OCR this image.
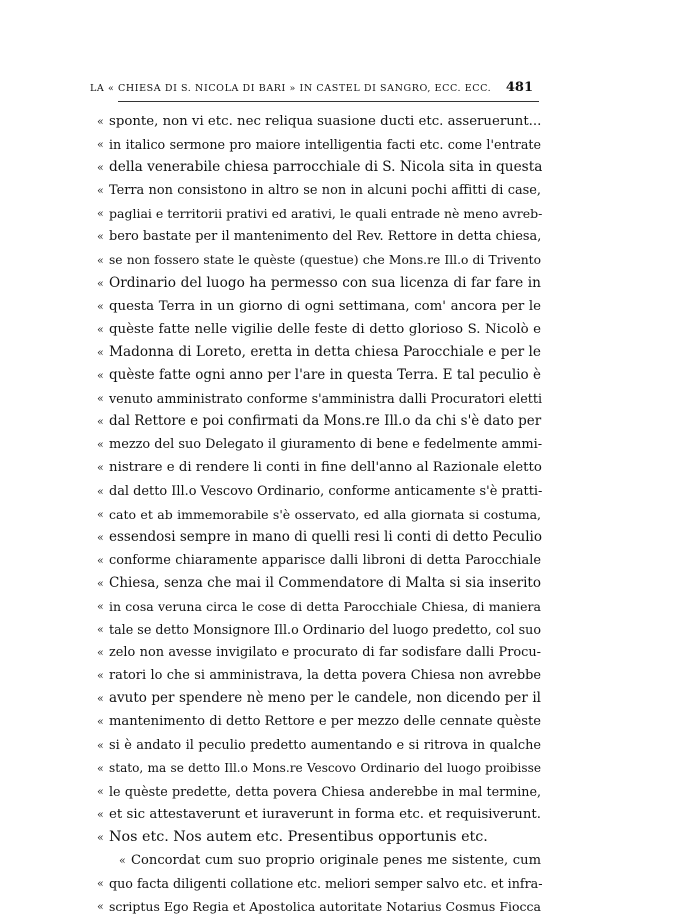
LA « CHIESA DI S. NICOLA DI BARI » IN CASTEL DI SANGRO, ECC. ECC. 481
« sponte, non vi etc. nec reliqua suasione ducti etc. asseruerunt...
« in italico sermone pro maiore intelligentia facti etc. come l'entrate
« della venerabile chiesa parrocchiale di S. Nicola sita in questa
« Terra non consistono in altro se non in alcuni pochi affitti di case,
« pagliai e territorii prativi ed arativi, le quali entrade nè meno avreb-
« bero bastate per il mantenimento del Rev. Rettore in detta chiesa,
« se non fossero state le quèste (questue) che Mons.re Ill.o di Trivento
« Ordinario del luogo ha permesso con sua licenza di far fare in
« questa Terra in un giorno di ogni settimana, com' ancora per le
« quèste fatte nelle vigilie delle feste di detto glorioso S. Nicolò e
« Madonna di Loreto, eretta in detta chiesa Parocchiale e per le
« quèste fatte ogni anno per l'are in questa Terra. E tal peculio è
« venuto amministrato conforme s'amministra dalli Procuratori eletti
« dal Rettore e poi confirmati da Mons.re Ill.o da chi s'è dato per
« mezzo del suo Delegato il giuramento di bene e fedelmente ammi-
« nistrare e di rendere li conti in fine dell'anno al Razionale eletto
« dal detto Ill.o Vescovo Ordinario, conforme anticamente s'è pratti-
« cato et ab immemorabile s'è osservato, ed alla giornata si costuma,
« essendosi sempre in mano di quelli resi li conti di detto Peculio
« conforme chiaramente apparisce dalli libroni di detta Parocchiale
« Chiesa, senza che mai il Commendatore di Malta si sia inserito
« in cosa veruna circa le cose di detta Parocchiale Chiesa, di maniera
« tale se detto Monsignore Ill.o Ordinario del luogo predetto, col suo
« zelo non avesse invigilato e procurato di far sodisfare dalli Procu-
« ratori lo che si amministrava, la detta povera Chiesa non avrebbe
« avuto per spendere nè meno per le candele, non dicendo per il
« mantenimento di detto Rettore e per mezzo delle cennate quèste
« si è andato il peculio predetto aumentando e si ritrova in qualche
« stato, ma se detto Ill.o Mons.re Vescovo Ordinario del luogo proibisse
« le quèste predette, detta povera Chiesa anderebbe in mal termine,
« et sic attestaverunt et iuraverunt in forma etc. et requisiverunt.
« Nos etc. Nos autem etc. Presentibus opportunis etc.
« Concordat cum suo proprio originale penes me sistente, cum
« quo facta diligenti collatione etc. meliori semper salvo etc. et infra-
« scriptus Ego Regia et Apostolica autoritate Notarius Cosmus Fiocca
